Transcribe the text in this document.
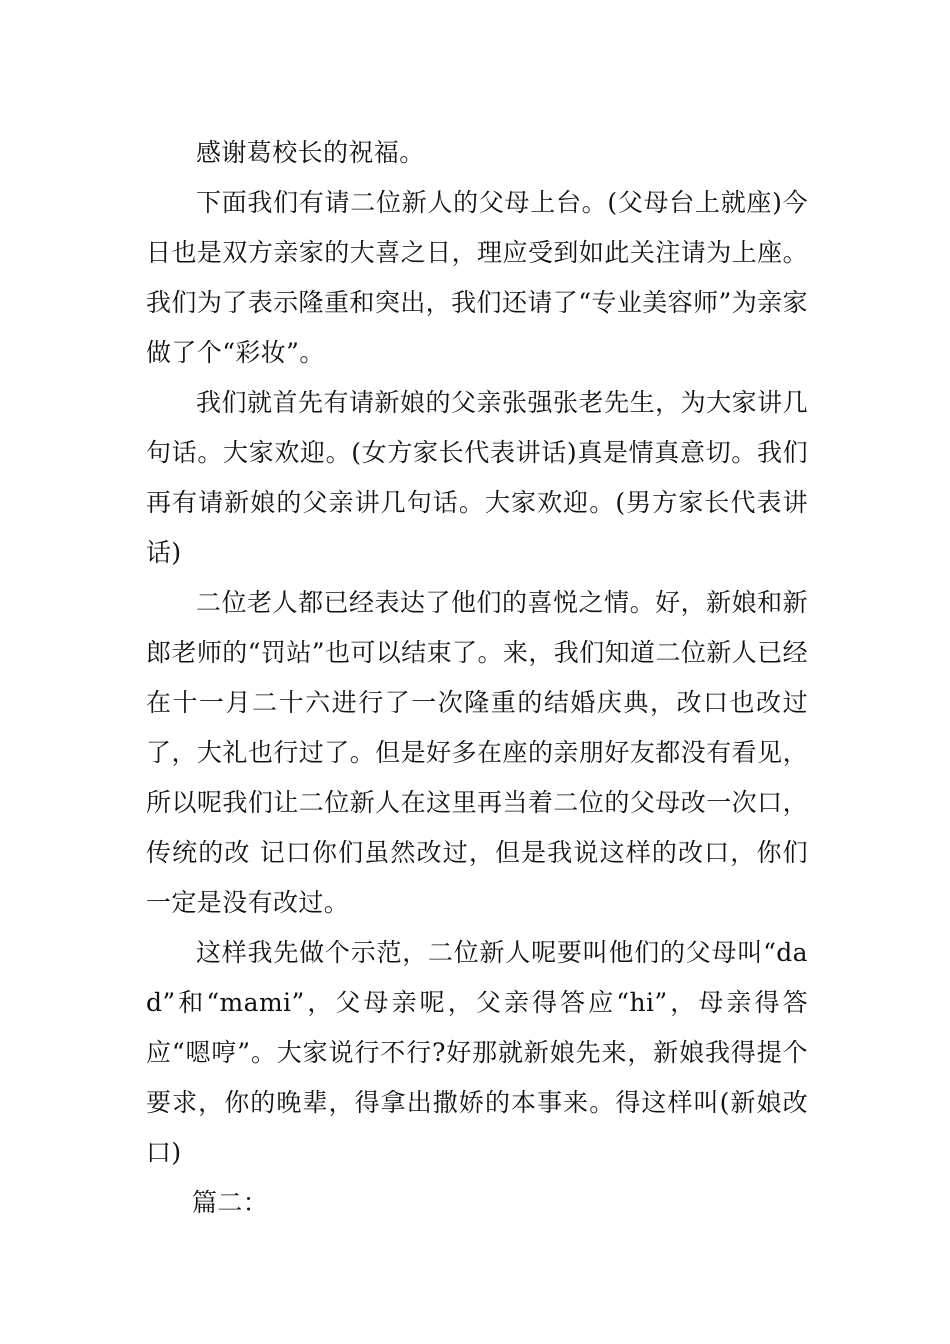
感谢葛校长的祝福。

下面我们有请二位新人的父母上台。(父母台上就座)今日也是双方亲家的大喜之日，理应受到如此关注请为上座。我们为了表示隆重和突出，我们还请了“专业美容师”为亲家做了个“彩妆”。

我们就首先有请新娘的父亲张强张老先生，为大家讲几句话。大家欢迎。(女方家长代表讲话)真是情真意切。我们再有请新娘的父亲讲几句话。大家欢迎。(男方家长代表讲话)

二位老人都已经表达了他们的喜悦之情。好，新娘和新郎老师的“罚站”也可以结束了。来，我们知道二位新人已经在十一月二十六进行了一次隆重的结婚庆典，改口也改过了，大礼也行过了。但是好多在座的亲朋好友都没有看见，所以呢我们让二位新人在这里再当着二位的父母改一次口，传统的改 记口你们虽然改过，但是我说这样的改口，你们一定是没有改过。

这样我先做个示范，二位新人呢要叫他们的父母叫“dad”和“mami”，父母亲呢，父亲得答应“hi”，母亲得答应“嗯哼”。大家说行不行?好那就新娘先来，新娘我得提个要求，你的晚辈，得拿出撒娇的本事来。得这样叫(新娘改口)

篇二：
